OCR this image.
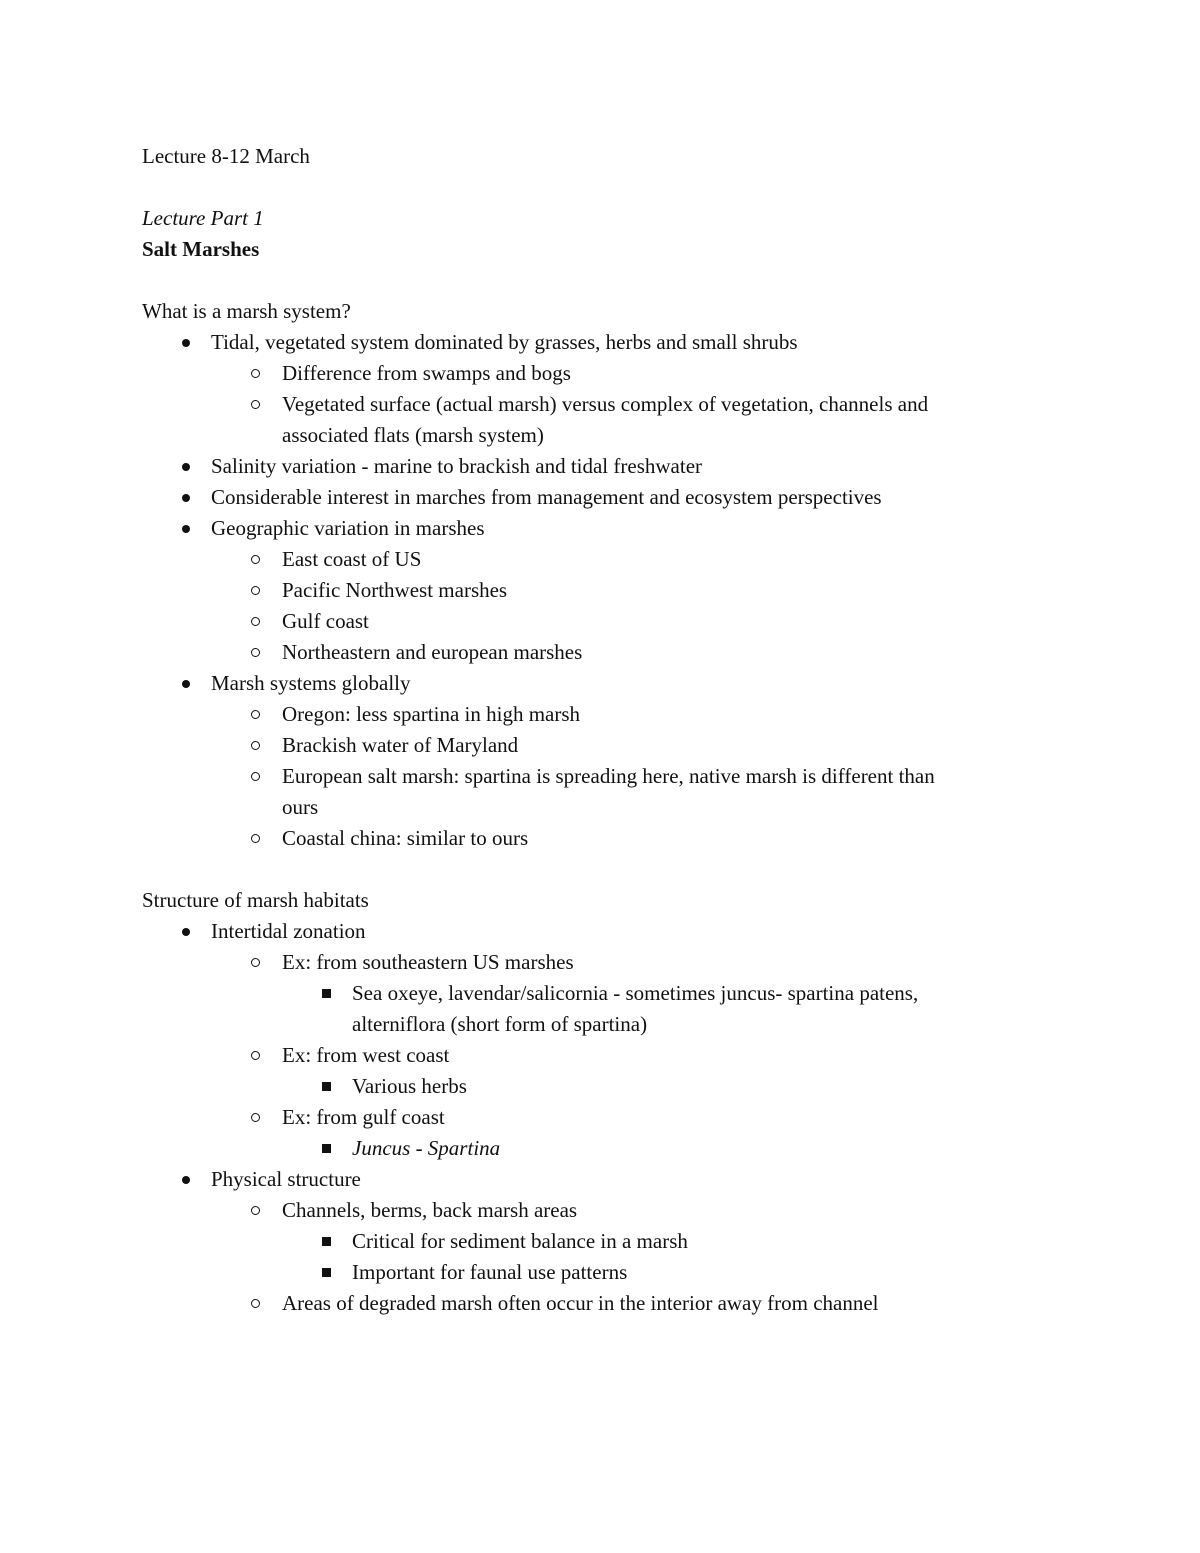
Lecture 8-12 March
Lecture Part 1
Salt Marshes
What is a marsh system?
Tidal, vegetated system dominated by grasses, herbs and small shrubs
Difference from swamps and bogs
Vegetated surface (actual marsh) versus complex of vegetation, channels and
associated flats (marsh system)
Salinity variation - marine to brackish and tidal freshwater
Considerable interest in marches from management and ecosystem perspectives
Geographic variation in marshes
East coast of US
Pacific Northwest marshes
Gulf coast
Northeastern and european marshes
Marsh systems globally
Oregon: less spartina in high marsh
Brackish water of Maryland
European salt marsh: spartina is spreading here, native marsh is different than
ours
Coastal china: similar to ours
Structure of marsh habitats
Intertidal zonation
Ex: from southeastern US marshes
Sea oxeye, lavendar/salicornia - sometimes juncus- spartina patens,
alterniflora (short form of spartina)
Ex: from west coast
Various herbs
Ex: from gulf coast
Juncus - Spartina
Physical structure
Channels, berms, back marsh areas
Critical for sediment balance in a marsh
Important for faunal use patterns
Areas of degraded marsh often occur in the interior away from channel
